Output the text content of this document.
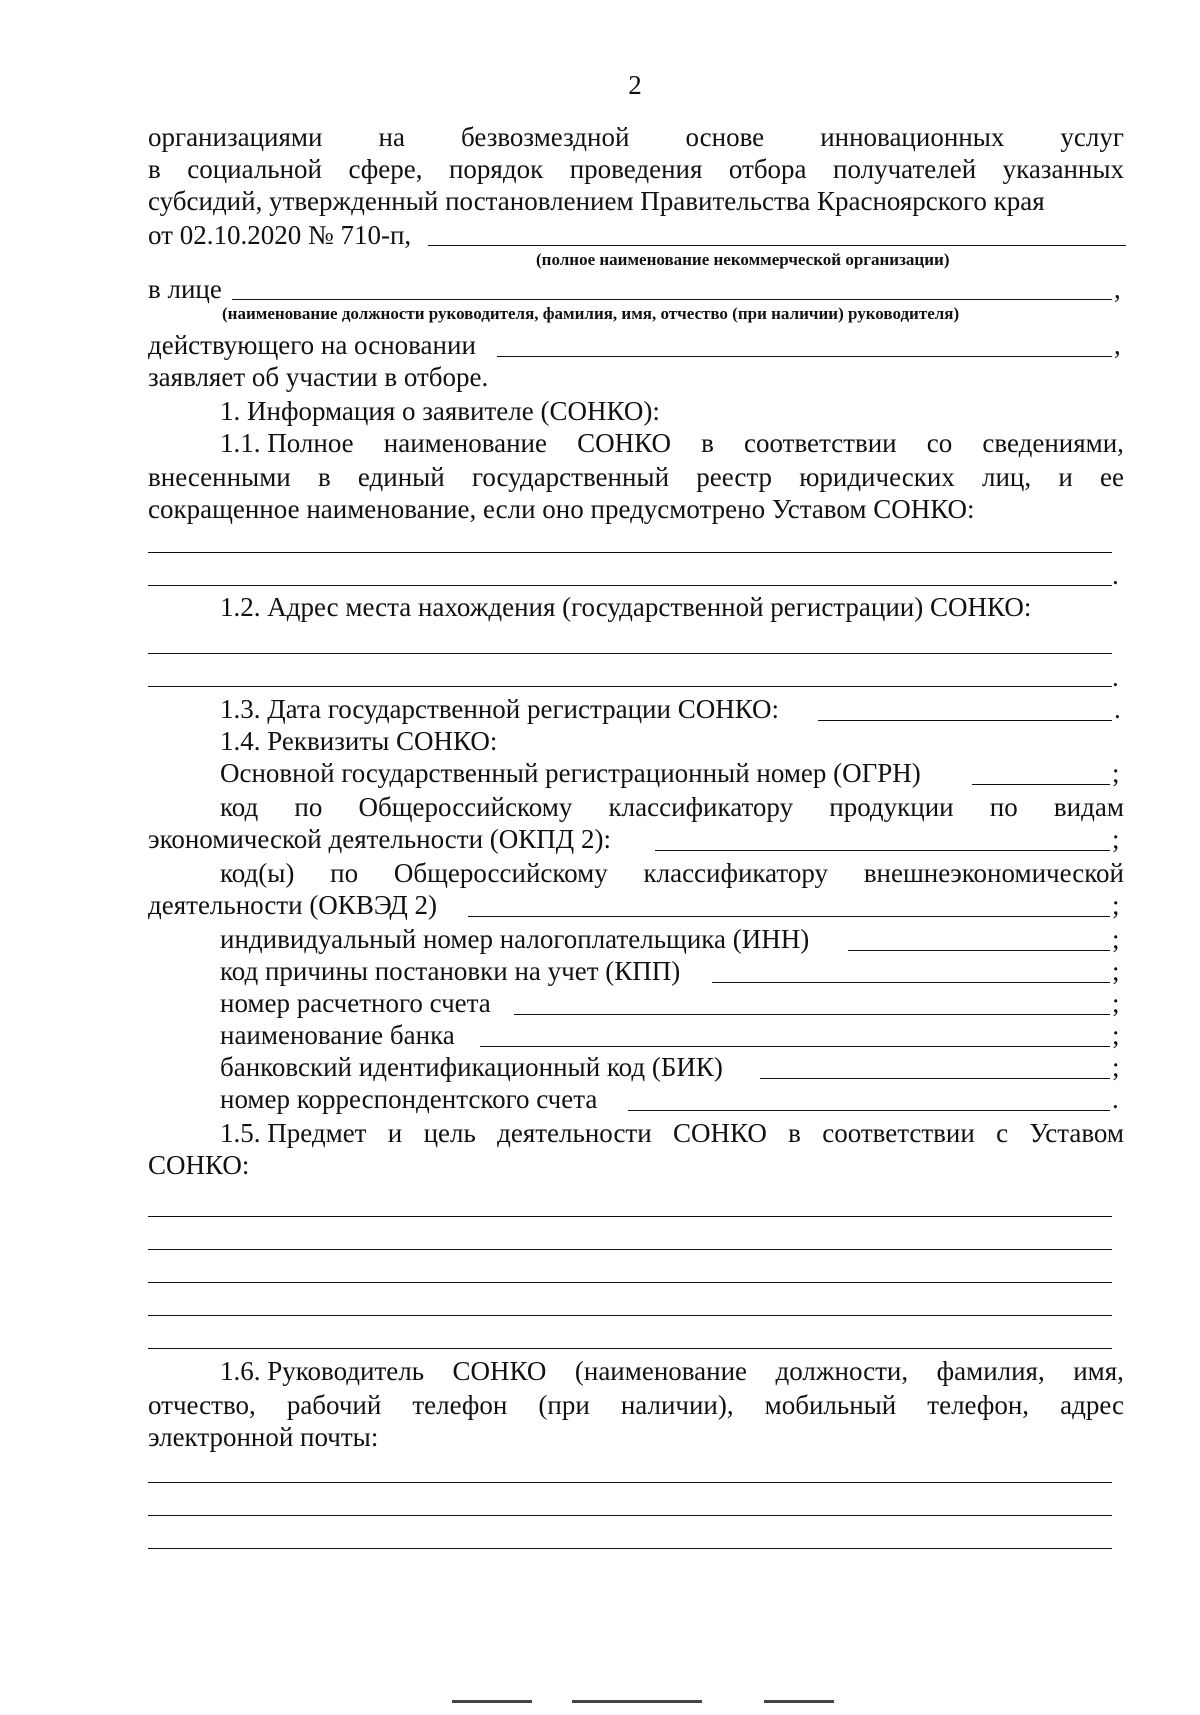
2
организациями на безвозмездной основе инновационных услуг
в социальной сфере, порядок проведения отбора получателей указанных
субсидий, утвержденный постановлением Правительства Красноярского края
от 02.10.2020 № 710-п,
(полное наименование некоммерческой организации)
в лице	,
(наименование должности руководителя, фамилия, имя, отчество (при наличии) руководителя)
действующего на основании	,
заявляет об участии в отборе.
1. Информация о заявителе (СОНКО):
1.1. Полное наименование СОНКО в соответствии со сведениями,
внесенными в единый государственный реестр юридических лиц, и ее
сокращенное наименование, если оно предусмотрено Уставом СОНКО:
.
1.2. Адрес места нахождения (государственной регистрации) СОНКО:
.
1.3. Дата государственной регистрации СОНКО:	.
1.4. Реквизиты СОНКО:
Основной государственный регистрационный номер (ОГРН)	;
код по Общероссийскому классификатору продукции по видам
экономической деятельности (ОКПД 2):	;
код(ы) по Общероссийскому классификатору внешнеэкономической
деятельности (ОКВЭД 2)	;
индивидуальный номер налогоплательщика (ИНН)	;
код причины постановки на учет (КПП)	;
номер расчетного счета	;
наименование банка	;
банковский идентификационный код (БИК)	;
номер корреспондентского счета	.
1.5. Предмет и цель деятельности СОНКО в соответствии с Уставом
СОНКО:
1.6. Руководитель СОНКО (наименование должности, фамилия, имя,
отчество, рабочий телефон (при наличии), мобильный телефон, адрес
электронной почты:
